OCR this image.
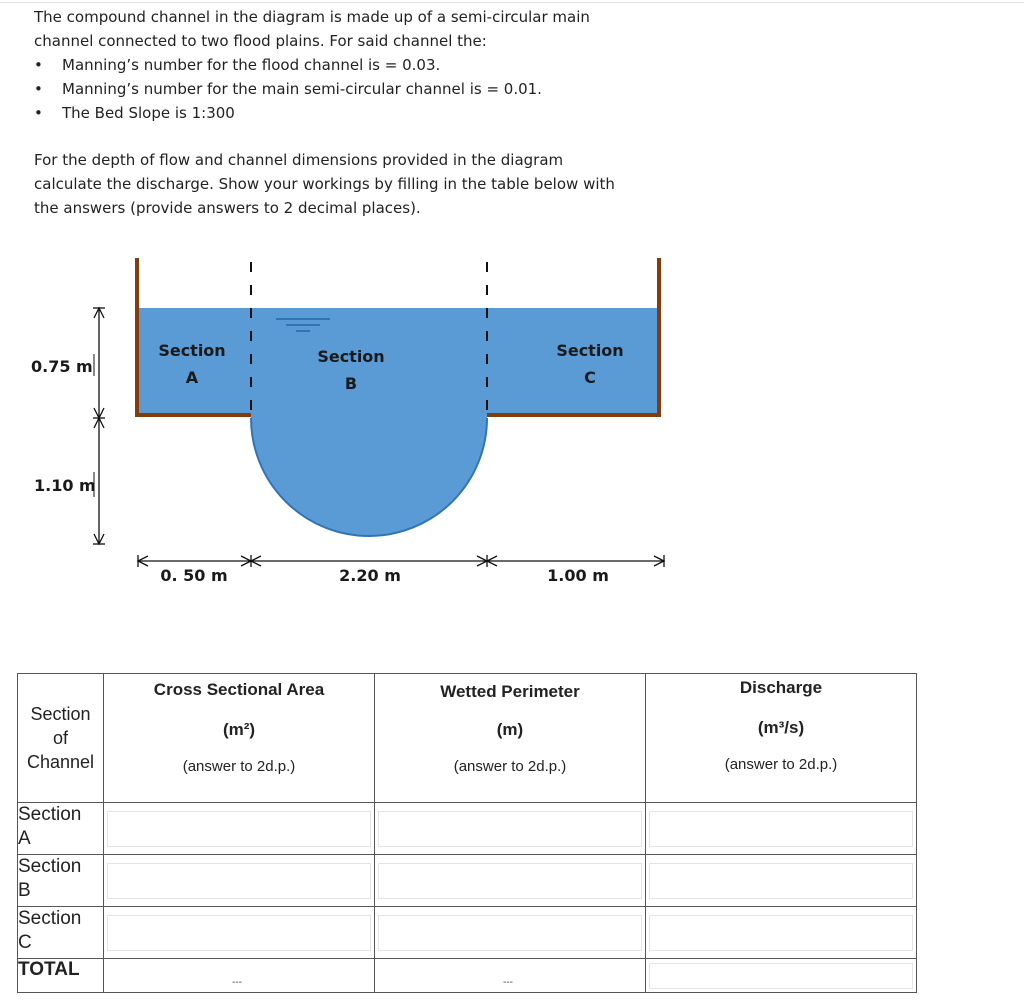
The compound channel in the diagram is made up of a semi-circular main

channel connected to two flood plains. For said channel the:

• Manning’s number for the flood channel is = 0.03.
• Manning’s number for the main semi-circular channel is = 0.01.
• The Bed Slope is 1:300

For the depth of flow and channel dimensions provided in the diagram

calculate the discharge. Show your workings by filling in the table below with

the answers (provide answers to 2 decimal places).

Section
A
Section
B
Section
C
0.75 m
1.10 m
0. 50 m	2.20 m	1.00 m
Section
of
Channel	Cross Sectional Area
(m²)
(answer to 2d.p.)	Wetted Perimeter
(m)
(answer to 2d.p.)	Discharge
(m³/s)
(answer to 2d.p.)

Section
A

Section
B

Section
C

TOTAL	---	---
